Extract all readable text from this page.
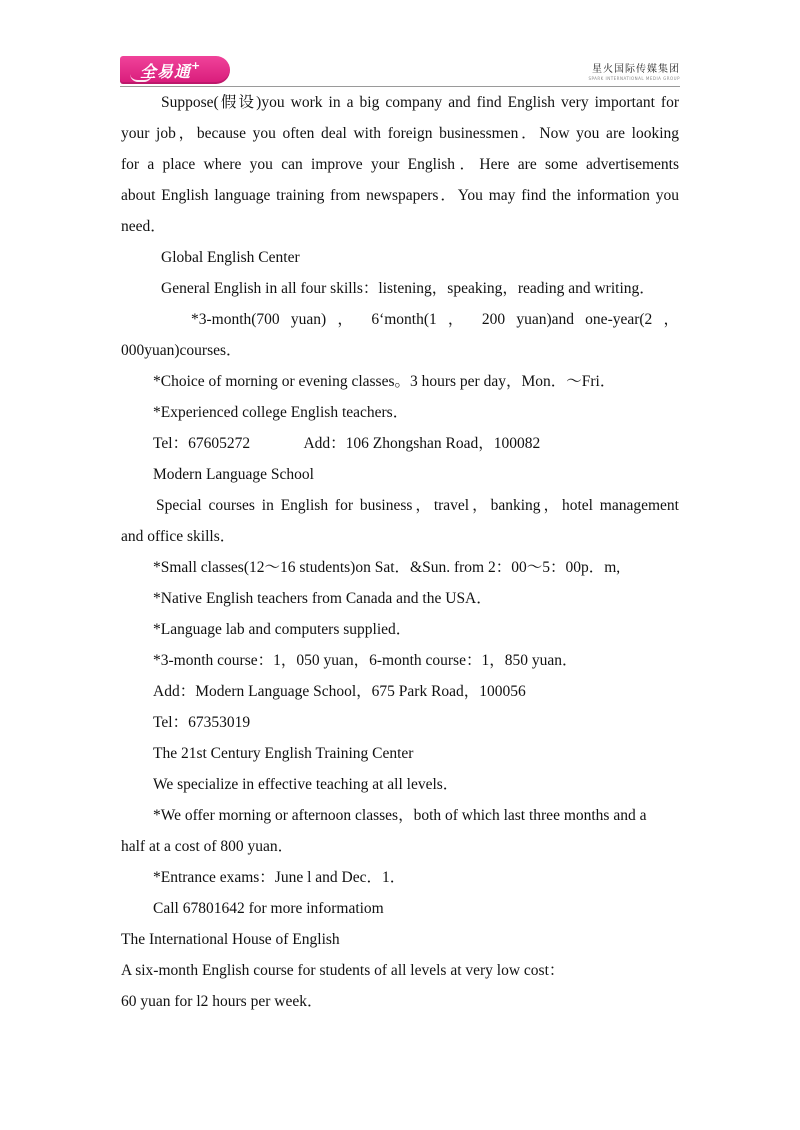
全易通+	星火国际传媒集团
SPARK INTERNATIONAL MEDIA GROUP
Suppose(假设)you work in a big company and find English very important for
your job，because you often deal with foreign businessmen．Now you are looking
for a place where you can improve your English．Here are some advertisements
about English language training from newspapers．You may find the information you
need．
Global English Center
General English in all four skills：listening，speaking，reading and writing．
*3-month(700 yuan) ， 6‘month(1 ， 200 yuan)and one-year(2 ，
000yuan)courses．
*Choice of morning or evening classes。3 hours per day，Mon．～Fri．
*Experienced college English teachers．
Tel：67605272              Add：106 Zhongshan Road，100082
Modern Language School
Special courses in English for business，travel，banking，hotel management
and office skills．
*Small classes(12～16 students)on Sat．&Sun. from 2：00～5：00p．m,
*Native English teachers from Canada and the USA．
*Language lab and computers supplied．
*3-month course：1，050 yuan，6-month course：1，850 yuan．
Add：Modern Language School，675 Park Road，100056
Tel：67353019
The 21st Century English Training Center
We specialize in effective teaching at all levels．
*We offer morning or afternoon classes，both of which last three months and a
half at a cost of 800 yuan．
*Entrance exams：June l and Dec．1．
Call 67801642 for more informatiom
The International House of English
A six-month English course for students of all levels at very low cost：
60 yuan for l2 hours per week．
